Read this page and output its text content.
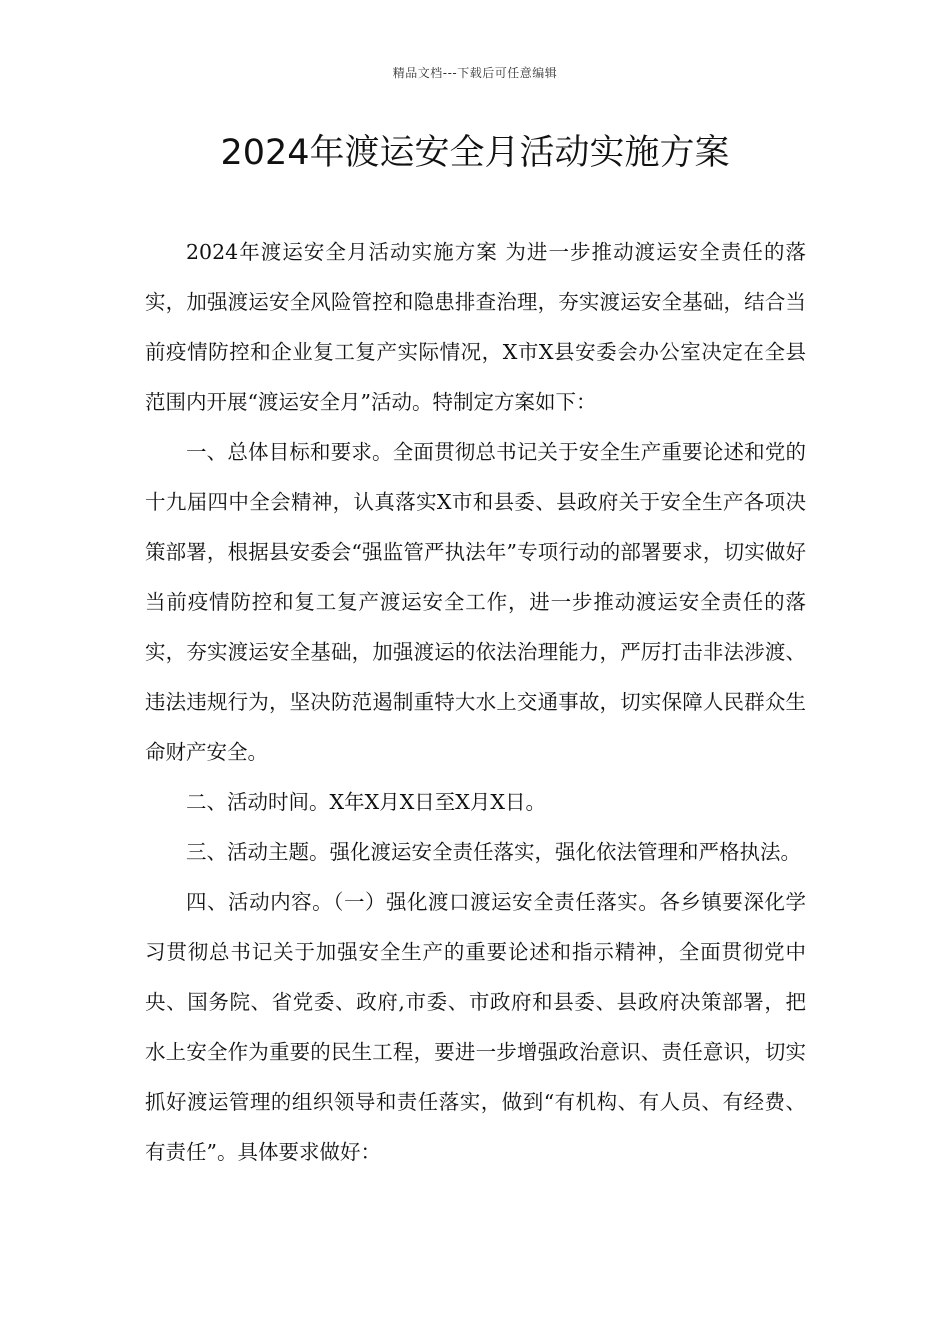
精品文档---下载后可任意编辑
2024年渡运安全月活动实施方案

2024年渡运安全月活动实施方案 为进一步推动渡运安全责任的落实，加强渡运安全风险管控和隐患排查治理，夯实渡运安全基础，结合当前疫情防控和企业复工复产实际情况，X市X县安委会办公室决定在全县范围内开展“渡运安全月”活动。特制定方案如下：

一、总体目标和要求。全面贯彻总书记关于安全生产重要论述和党的十九届四中全会精神，认真落实X市和县委、县政府关于安全生产各项决策部署，根据县安委会“强监管严执法年”专项行动的部署要求，切实做好当前疫情防控和复工复产渡运安全工作，进一步推动渡运安全责任的落实，夯实渡运安全基础，加强渡运的依法治理能力，严厉打击非法涉渡、违法违规行为，坚决防范遏制重特大水上交通事故，切实保障人民群众生命财产安全。

二、活动时间。X年X月X日至X月X日。

三、活动主题。强化渡运安全责任落实，强化依法管理和严格执法。

四、活动内容。（一）强化渡口渡运安全责任落实。各乡镇要深化学习贯彻总书记关于加强安全生产的重要论述和指示精神，全面贯彻党中央、国务院、省党委、政府,市委、市政府和县委、县政府决策部署，把水上安全作为重要的民生工程，要进一步增强政治意识、责任意识，切实抓好渡运管理的组织领导和责任落实，做到“有机构、有人员、有经费、有责任”。具体要求做好：
